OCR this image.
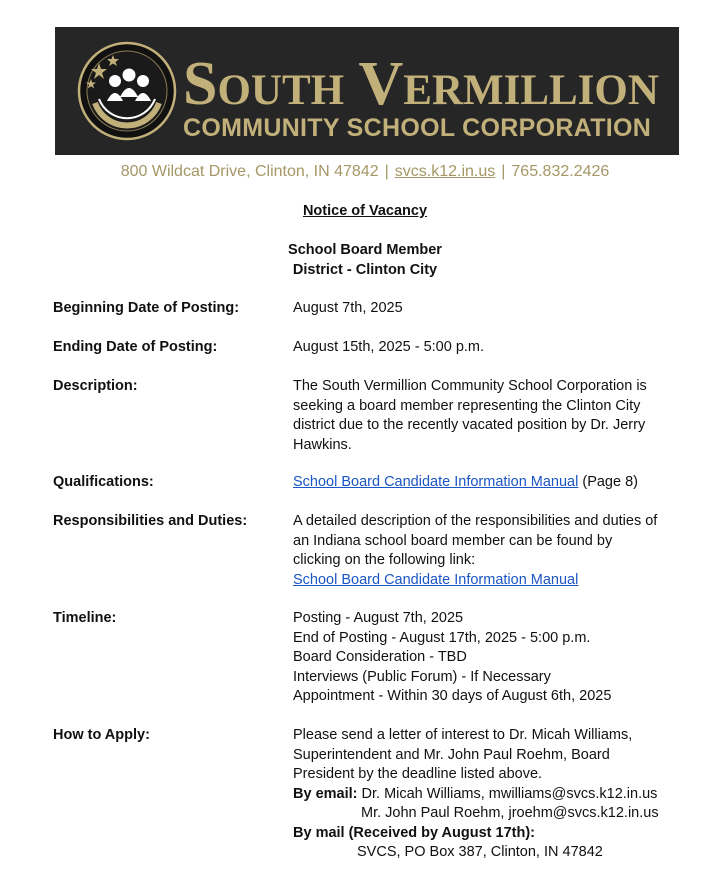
South Vermillion
COMMUNITY SCHOOL CORPORATION
800 Wildcat Drive, Clinton, IN 47842 | svcs.k12.in.us | 765.832.2426
Notice of Vacancy
School Board Member
District - Clinton City
Beginning Date of Posting:	August 7th, 2025
Ending Date of Posting:	August 15th, 2025 - 5:00 p.m.
Description:	The South Vermillion Community School Corporation is
seeking a board member representing the Clinton City
district due to the recently vacated position by Dr. Jerry
Hawkins.
Qualifications:	School Board Candidate Information Manual (Page 8)
Responsibilities and Duties:	A detailed description of the responsibilities and duties of
an Indiana school board member can be found by
clicking on the following link:
School Board Candidate Information Manual
Timeline:	Posting - August 7th, 2025
End of Posting - August 17th, 2025 - 5:00 p.m.
Board Consideration - TBD
Interviews (Public Forum) - If Necessary
Appointment - Within 30 days of August 6th, 2025
How to Apply:	Please send a letter of interest to Dr. Micah Williams,
Superintendent and Mr. John Paul Roehm, Board
President by the deadline listed above.
By email: Dr. Micah Williams, mwilliams@svcs.k12.in.us
Mr. John Paul Roehm, jroehm@svcs.k12.in.us
By mail (Received by August 17th):
SVCS, PO Box 387, Clinton, IN 47842
